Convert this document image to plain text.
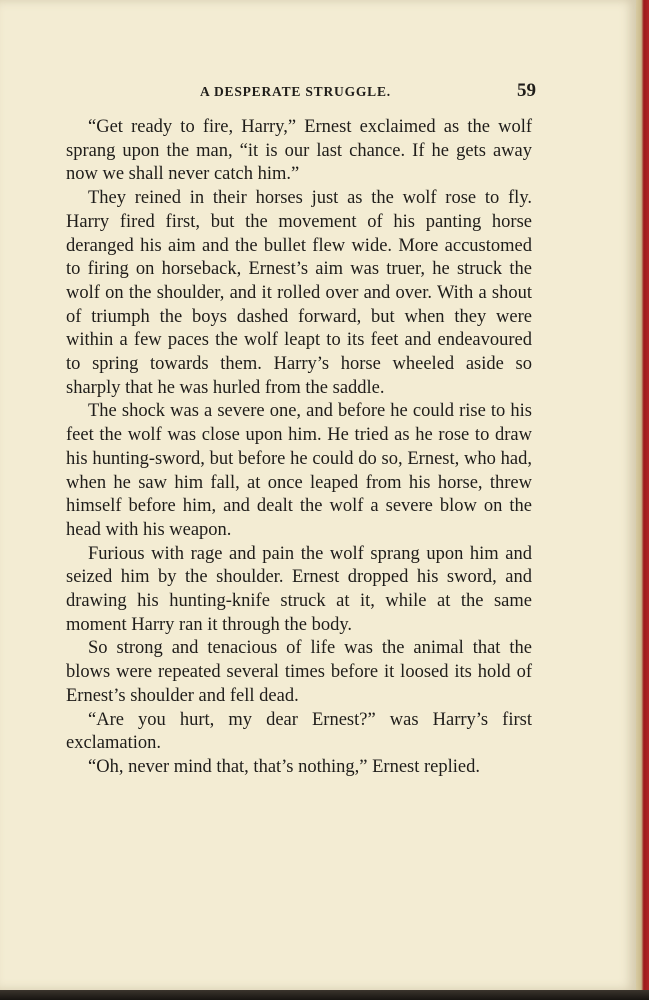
A DESPERATE STRUGGLE.	59

“Get ready to fire, Harry,” Ernest exclaimed as the wolf sprang upon the man, “it is our last chance. If he gets away now we shall never catch him.”

They reined in their horses just as the wolf rose to fly. Harry fired first, but the movement of his panting horse deranged his aim and the bullet flew wide. More accustomed to firing on horseback, Ernest’s aim was truer, he struck the wolf on the shoulder, and it rolled over and over. With a shout of triumph the boys dashed forward, but when they were within a few paces the wolf leapt to its feet and endeavoured to spring towards them. Harry’s horse wheeled aside so sharply that he was hurled from the saddle.

The shock was a severe one, and before he could rise to his feet the wolf was close upon him. He tried as he rose to draw his hunting-sword, but before he could do so, Ernest, who had, when he saw him fall, at once leaped from his horse, threw himself before him, and dealt the wolf a severe blow on the head with his weapon.

Furious with rage and pain the wolf sprang upon him and seized him by the shoulder. Ernest dropped his sword, and drawing his hunting-knife struck at it, while at the same moment Harry ran it through the body.

So strong and tenacious of life was the animal that the blows were repeated several times before it loosed its hold of Ernest’s shoulder and fell dead.

“Are you hurt, my dear Ernest?” was Harry’s first exclamation.

“Oh, never mind that, that’s nothing,” Ernest replied.
